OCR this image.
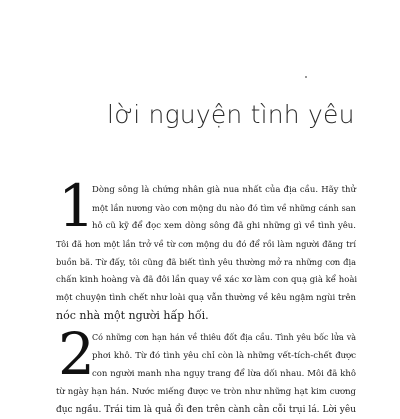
lời nguyện tình yêu
1
Dòng sông là chứng nhân già nua nhất của địa cầu. Hãy thử
một lần nương vào cơn mộng du nào đó tìm về những cánh san
hô cũ kỹ để đọc xem dòng sông đã ghi những gì về tình yêu.
Tôi đã hơn một lần trở về từ cơn mộng du đó để rồi làm người đăng trí
buồn bã. Từ đấy, tôi cũng đã biết tình yêu thường mở ra những cơn địa
chấn kinh hoàng và đã đôi lần quay về xác xơ làm con quạ già kể hoài
một chuyện tình chết như loài quạ vẫn thường về kêu ngậm ngùi trên
nóc nhà một người hấp hối.
2
Có những cơn hạn hán về thiêu đốt địa cầu. Tình yêu bốc lửa và
phơi khô. Từ đó tình yêu chỉ còn là những vết-tích-chết được
con người manh nha ngụy trang để lừa dối nhau. Môi đã khô
từ ngày hạn hán. Nước miếng được ve tròn như những hạt kim cương
đục ngầu. Trái tim là quả ổi đen trên cành cằn cỗi trụi lá. Lời yêu
